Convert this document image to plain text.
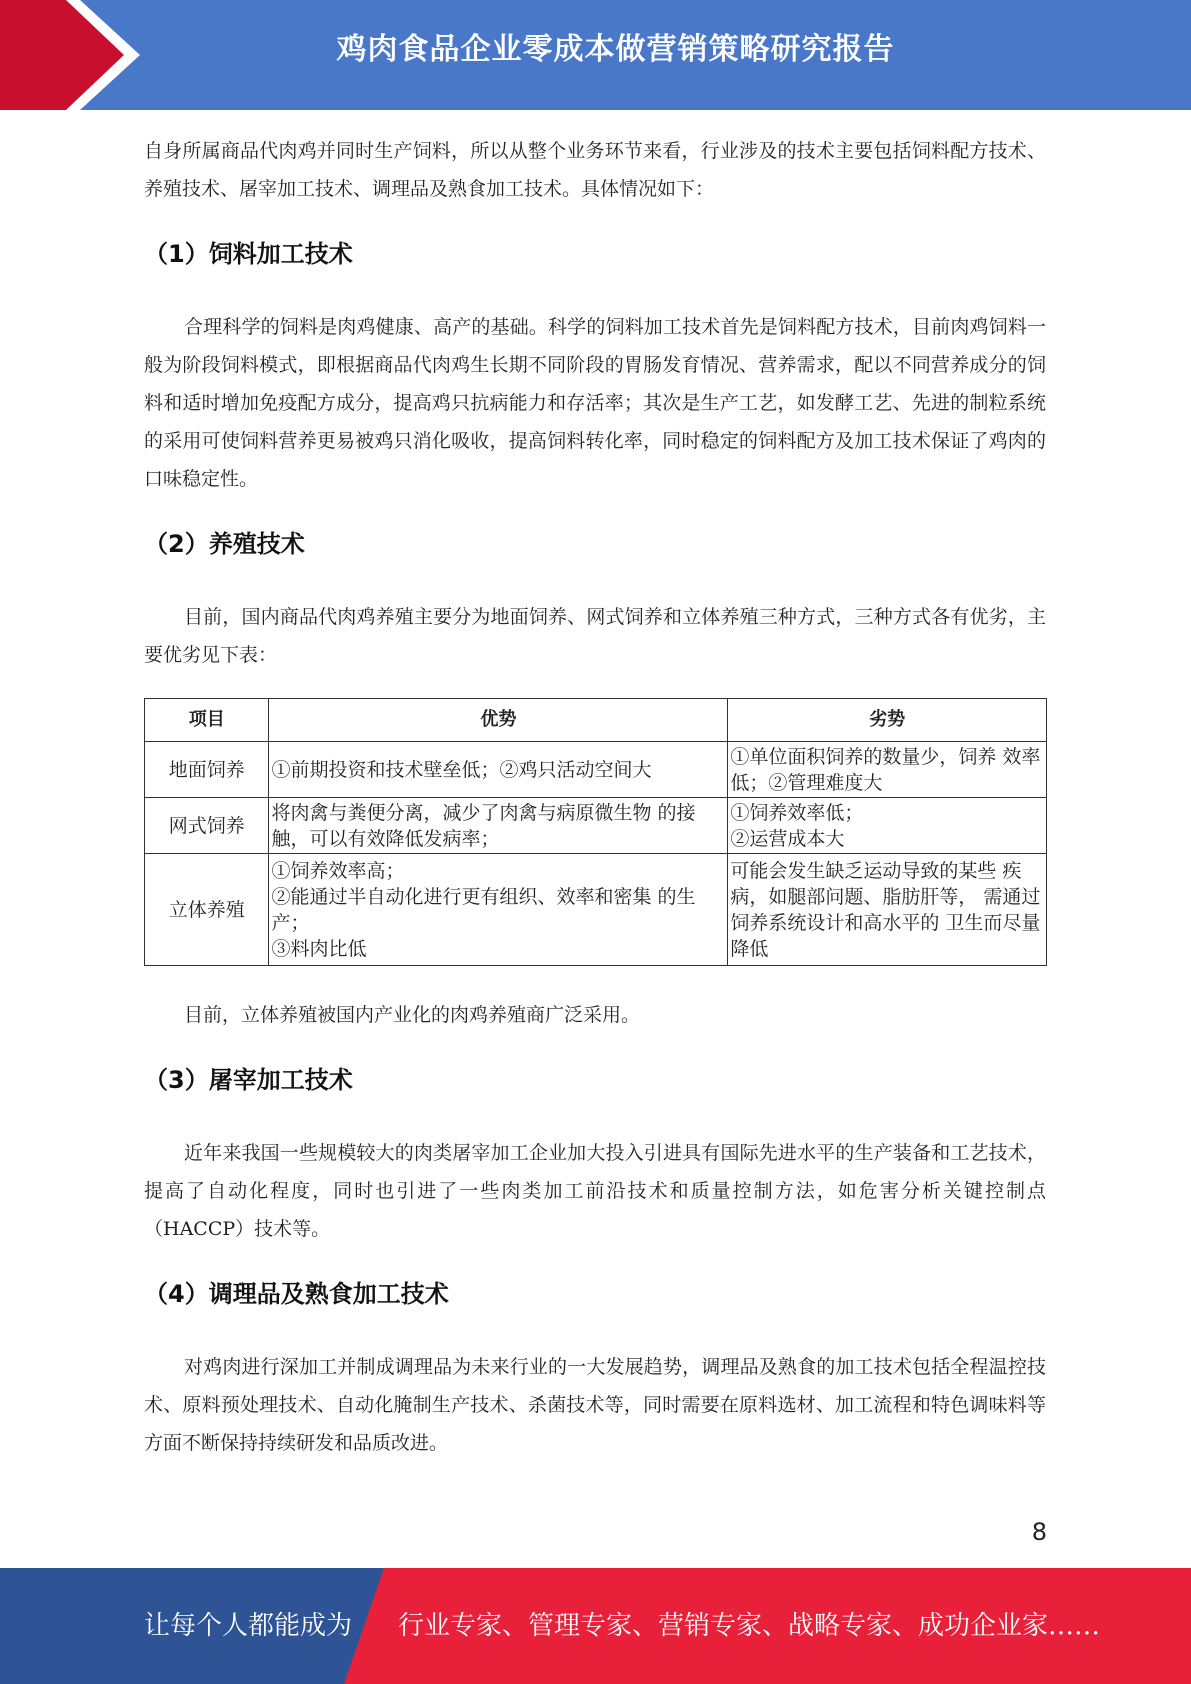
鸡肉食品企业零成本做营销策略研究报告

自身所属商品代肉鸡并同时生产饲料，所以从整个业务环节来看，行业涉及的技术主要包括饲料配方技术、养殖技术、屠宰加工技术、调理品及熟食加工技术。具体情况如下：

（1）饲料加工技术

合理科学的饲料是肉鸡健康、高产的基础。科学的饲料加工技术首先是饲料配方技术，目前肉鸡饲料一般为阶段饲料模式，即根据商品代肉鸡生长期不同阶段的胃肠发育情况、营养需求，配以不同营养成分的饲料和适时增加免疫配方成分，提高鸡只抗病能力和存活率；其次是生产工艺，如发酵工艺、先进的制粒系统的采用可使饲料营养更易被鸡只消化吸收，提高饲料转化率，同时稳定的饲料配方及加工技术保证了鸡肉的口味稳定性。

（2）养殖技术

目前，国内商品代肉鸡养殖主要分为地面饲养、网式饲养和立体养殖三种方式，三种方式各有优劣，主要优劣见下表：

项目	优势	劣势
地面饲养	①前期投资和技术壁垒低；②鸡只活动空间大	①单位面积饲养的数量少，饲养 效率低；②管理难度大

网式饲养	将肉禽与粪便分离，减少了肉禽与病原微生物 的接触，可以有效降低发病率；	①饲养效率低；
②运营成本大

立体养殖	①饲养效率高；
②能通过半自动化进行更有组织、效率和密集 的生产；
③料肉比低	可能会发生缺乏运动导致的某些 疾病，如腿部问题、脂肪肝等， 需通过饲养系统设计和高水平的 卫生而尽量降低

目前，立体养殖被国内产业化的肉鸡养殖商广泛采用。

（3）屠宰加工技术

近年来我国一些规模较大的肉类屠宰加工企业加大投入引进具有国际先进水平的生产装备和工艺技术，提高了自动化程度，同时也引进了一些肉类加工前沿技术和质量控制方法，如危害分析关键控制点（HACCP）技术等。

（4）调理品及熟食加工技术

对鸡肉进行深加工并制成调理品为未来行业的一大发展趋势，调理品及熟食的加工技术包括全程温控技术、原料预处理技术、自动化腌制生产技术、杀菌技术等，同时需要在原料选材、加工流程和特色调味料等方面不断保持持续研发和品质改进。

8
让每个人都能成为 行业专家、管理专家、营销专家、战略专家、成功企业家……
